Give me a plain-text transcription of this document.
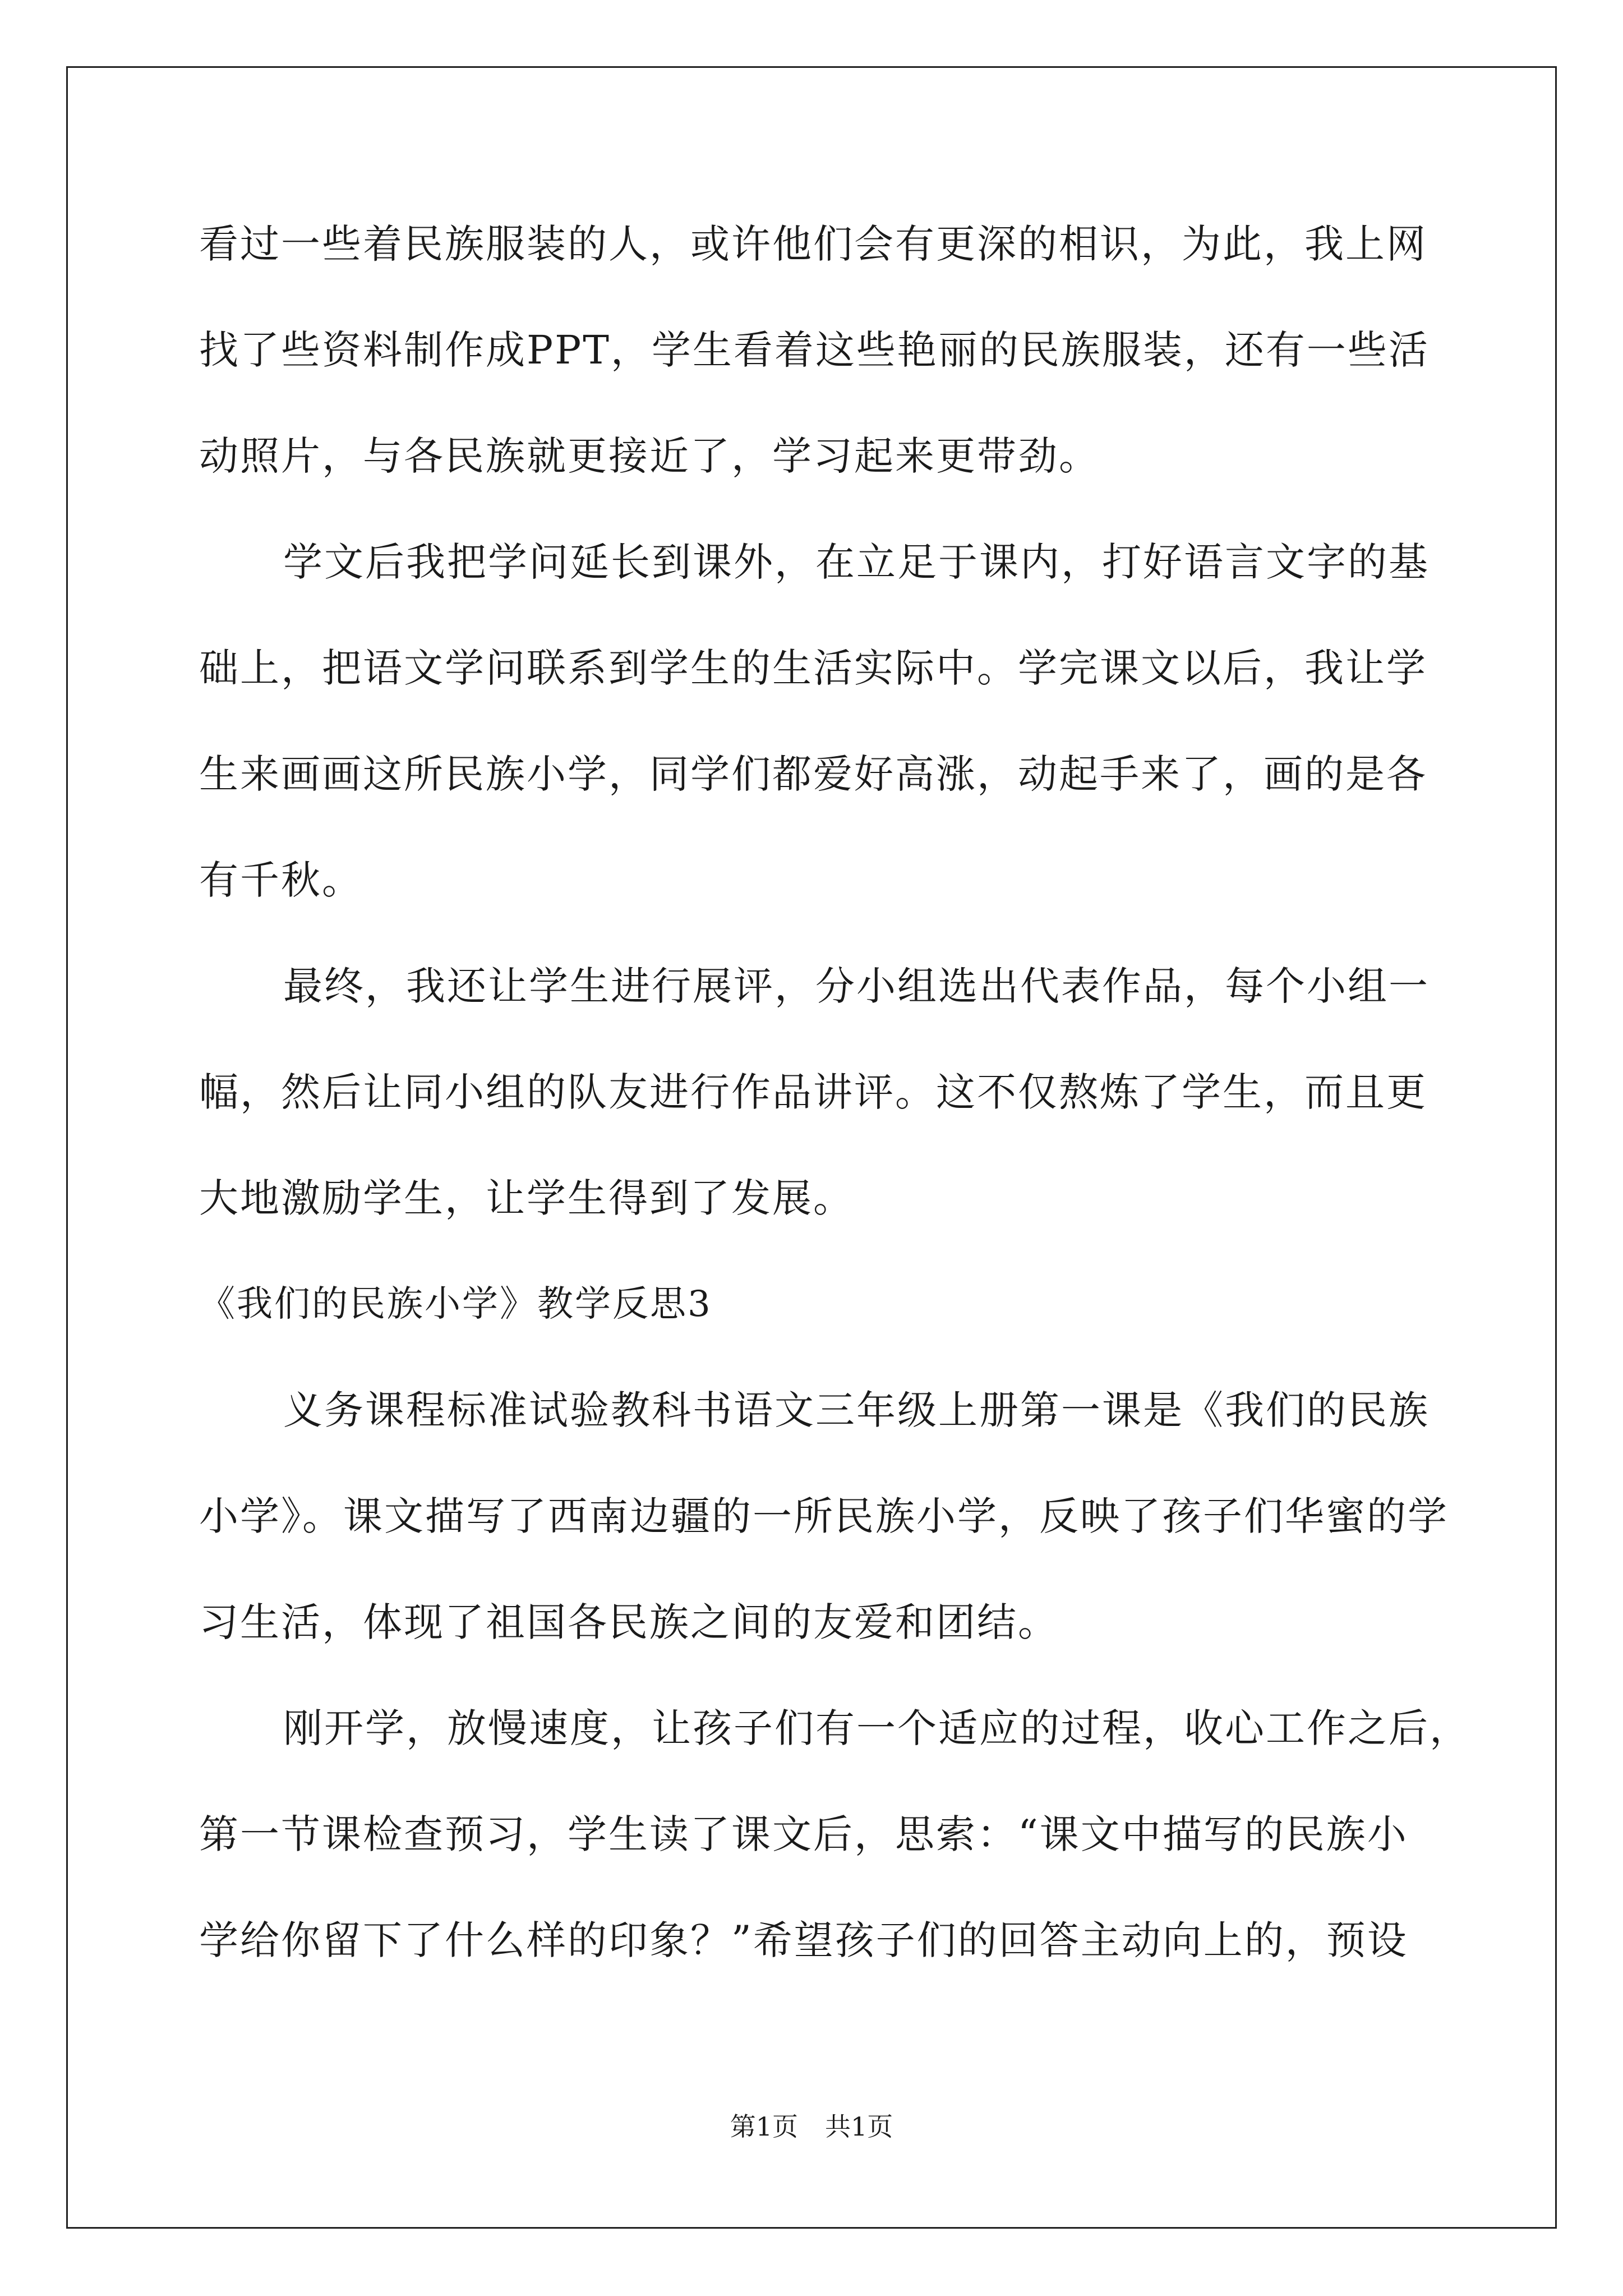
看过一些着民族服装的人，或许他们会有更深的相识，为此，我上网
找了些资料制作成PPT，学生看着这些艳丽的民族服装，还有一些活
动照片，与各民族就更接近了，学习起来更带劲。
学文后我把学问延长到课外，在立足于课内，打好语言文字的基
础上，把语文学问联系到学生的生活实际中。学完课文以后，我让学
生来画画这所民族小学，同学们都爱好高涨，动起手来了，画的是各
有千秋。
最终，我还让学生进行展评，分小组选出代表作品，每个小组一
幅，然后让同小组的队友进行作品讲评。这不仅熬炼了学生，而且更
大地激励学生，让学生得到了发展。
《我们的民族小学》教学反思3
义务课程标准试验教科书语文三年级上册第一课是《我们的民族
小学》。课文描写了西南边疆的一所民族小学，反映了孩子们华蜜的学
习生活，体现了祖国各民族之间的友爱和团结。
刚开学，放慢速度，让孩子们有一个适应的过程，收心工作之后，
第一节课检查预习，学生读了课文后，思索：“课文中描写的民族小
学给你留下了什么样的印象？”希望孩子们的回答主动向上的，预设
第1页 共1页
